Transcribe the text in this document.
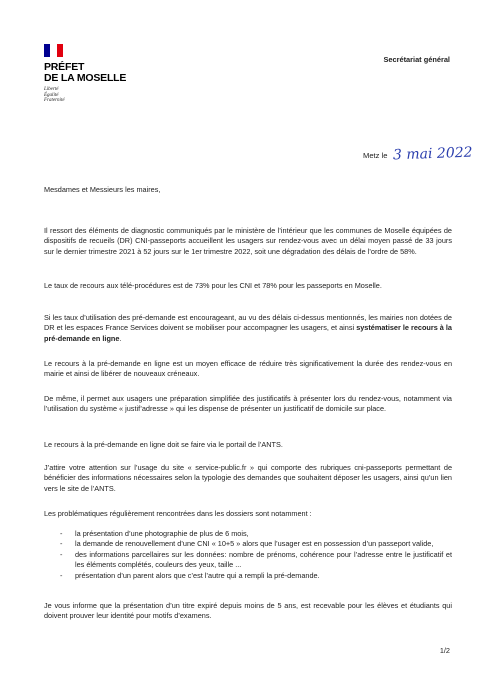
PRÉFET
DE LA MOSELLE
Liberté
Égalité
Fraternité
Secrétariat général
Metz le 3 mai 2022
Mesdames et Messieurs les maires,

Il ressort des éléments de diagnostic communiqués par le ministère de l’intérieur que les communes de Moselle équipées de dispositifs de recueils (DR) CNI-passeports accueillent les usagers sur rendez-vous avec un délai moyen passé de 33 jours sur le dernier trimestre 2021 à 52 jours sur le 1er trimestre 2022, soit une dégradation des délais de l’ordre de 58%.

Le taux de recours aux télé-procédures est de 73% pour les CNI et 78% pour les passeports en Moselle.

Si les taux d’utilisation des pré-demande est encourageant, au vu des délais ci-dessus mentionnés, les mairies non dotées de DR et les espaces France Services doivent se mobiliser pour accompagner les usagers, et ainsi systématiser le recours à la pré-demande en ligne.

Le recours à la pré-demande en ligne est un moyen efficace de réduire très significativement la durée des rendez-vous en mairie et ainsi de libérer de nouveaux créneaux.

De même, il permet aux usagers une préparation simplifiée des justificatifs à présenter lors du rendez-vous, notamment via l’utilisation du système « justif’adresse » qui les dispense de présenter un justificatif de domicile sur place.

Le recours à la pré-demande en ligne doit se faire via le portail de l’ANTS.

J’attire votre attention sur l’usage du site « service-public.fr » qui comporte des rubriques cni-passeports permettant de bénéficier des informations nécessaires selon la typologie des demandes que souhaitent déposer les usagers, ainsi qu’un lien vers le site de l’ANTS.

Les problématiques régulièrement rencontrées dans les dossiers sont notamment :

- la présentation d’une photographie de plus de 6 mois,
- la demande de renouvellement d’une CNI « 10+5 » alors que l’usager est en possession d’un passeport valide,
- des informations parcellaires sur les données: nombre de prénoms, cohérence pour l’adresse entre le justificatif et les éléments complétés, couleurs des yeux, taille ...
- présentation d’un parent alors que c’est l’autre qui a rempli la pré-demande.

Je vous informe que la présentation d’un titre expiré depuis moins de 5 ans, est recevable pour les élèves et étudiants qui doivent prouver leur identité pour motifs d’examens.

1/2
